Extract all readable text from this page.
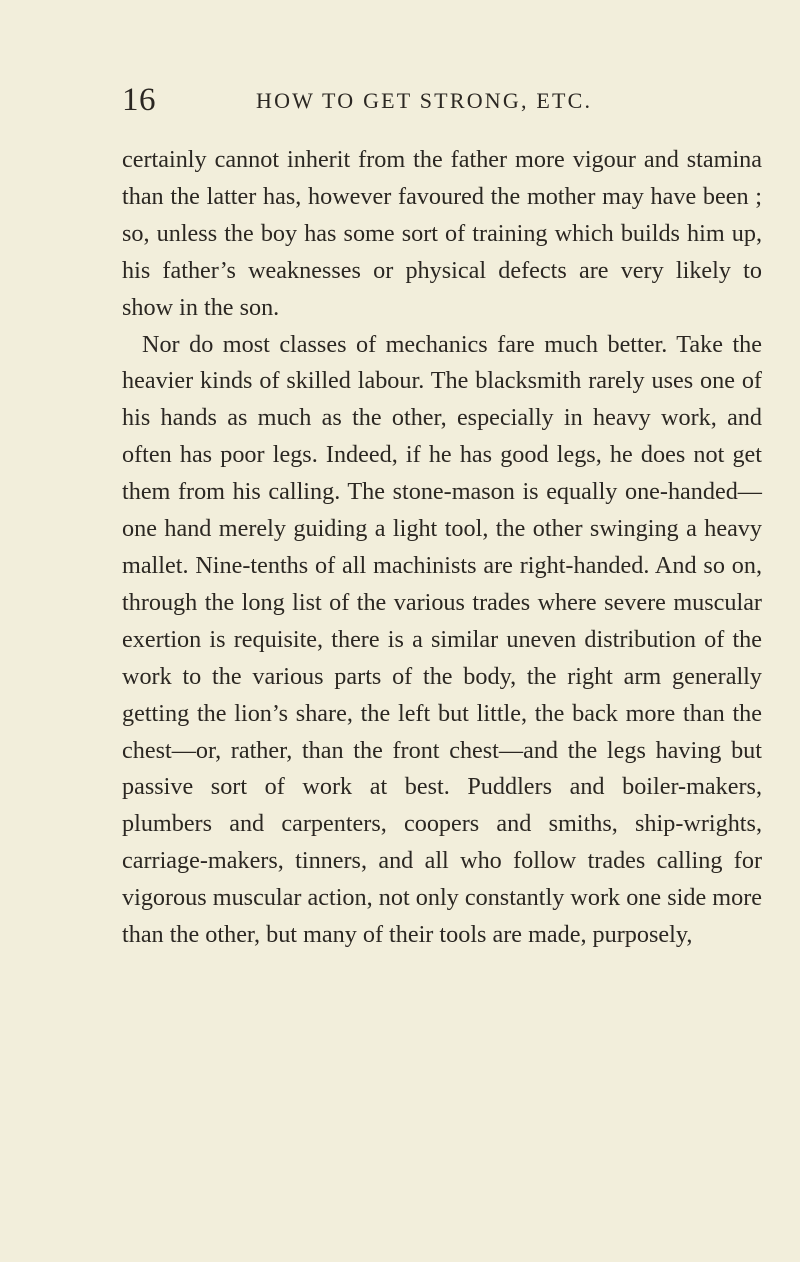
16	HOW TO GET STRONG, ETC.

certainly cannot inherit from the father more vigour and stamina than the latter has, however favoured the mother may have been ; so, unless the boy has some sort of training which builds him up, his father’s weaknesses or physical defects are very likely to show in the son.

Nor do most classes of mechanics fare much better. Take the heavier kinds of skilled labour. The blacksmith rarely uses one of his hands as much as the other, especially in heavy work, and often has poor legs. Indeed, if he has good legs, he does not get them from his calling. The stone-mason is equally one-handed—one hand merely guiding a light tool, the other swinging a heavy mallet. Nine-tenths of all machinists are right-handed. And so on, through the long list of the various trades where severe muscular exertion is requisite, there is a similar uneven distribution of the work to the various parts of the body, the right arm generally getting the lion’s share, the left but little, the back more than the chest—or, rather, than the front chest—and the legs having but passive sort of work at best. Puddlers and boiler-makers, plumbers and carpenters, coopers and smiths, ship-wrights, carriage-makers, tinners, and all who follow trades calling for vigorous muscular action, not only constantly work one side more than the other, but many of their tools are made, purposely,
